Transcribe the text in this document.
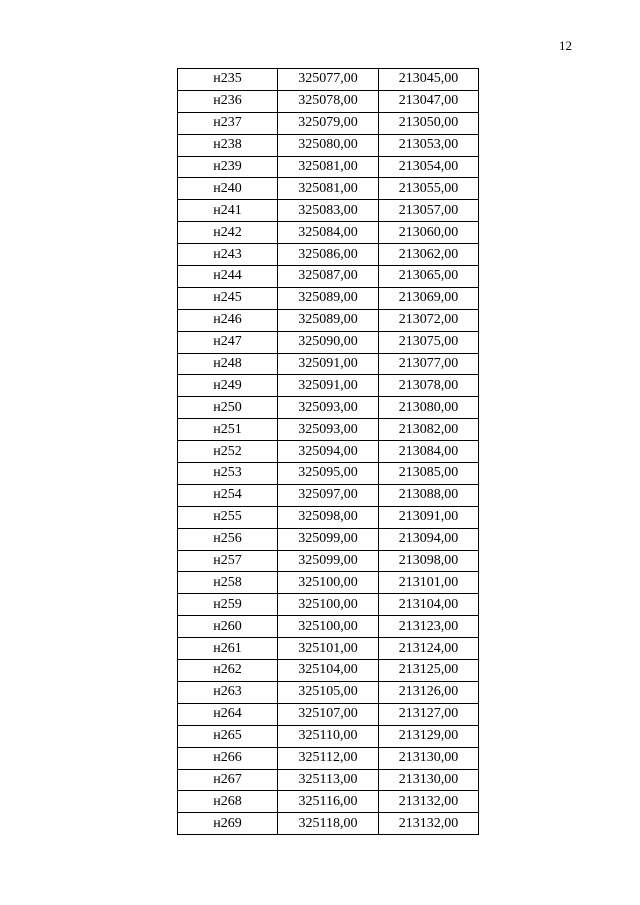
12
н235	325077,00	213045,00
н236	325078,00	213047,00
н237	325079,00	213050,00
н238	325080,00	213053,00
н239	325081,00	213054,00
н240	325081,00	213055,00
н241	325083,00	213057,00
н242	325084,00	213060,00
н243	325086,00	213062,00
н244	325087,00	213065,00
н245	325089,00	213069,00
н246	325089,00	213072,00
н247	325090,00	213075,00
н248	325091,00	213077,00
н249	325091,00	213078,00
н250	325093,00	213080,00
н251	325093,00	213082,00
н252	325094,00	213084,00
н253	325095,00	213085,00
н254	325097,00	213088,00
н255	325098,00	213091,00
н256	325099,00	213094,00
н257	325099,00	213098,00
н258	325100,00	213101,00
н259	325100,00	213104,00
н260	325100,00	213123,00
н261	325101,00	213124,00
н262	325104,00	213125,00
н263	325105,00	213126,00
н264	325107,00	213127,00
н265	325110,00	213129,00
н266	325112,00	213130,00
н267	325113,00	213130,00
н268	325116,00	213132,00
н269	325118,00	213132,00
